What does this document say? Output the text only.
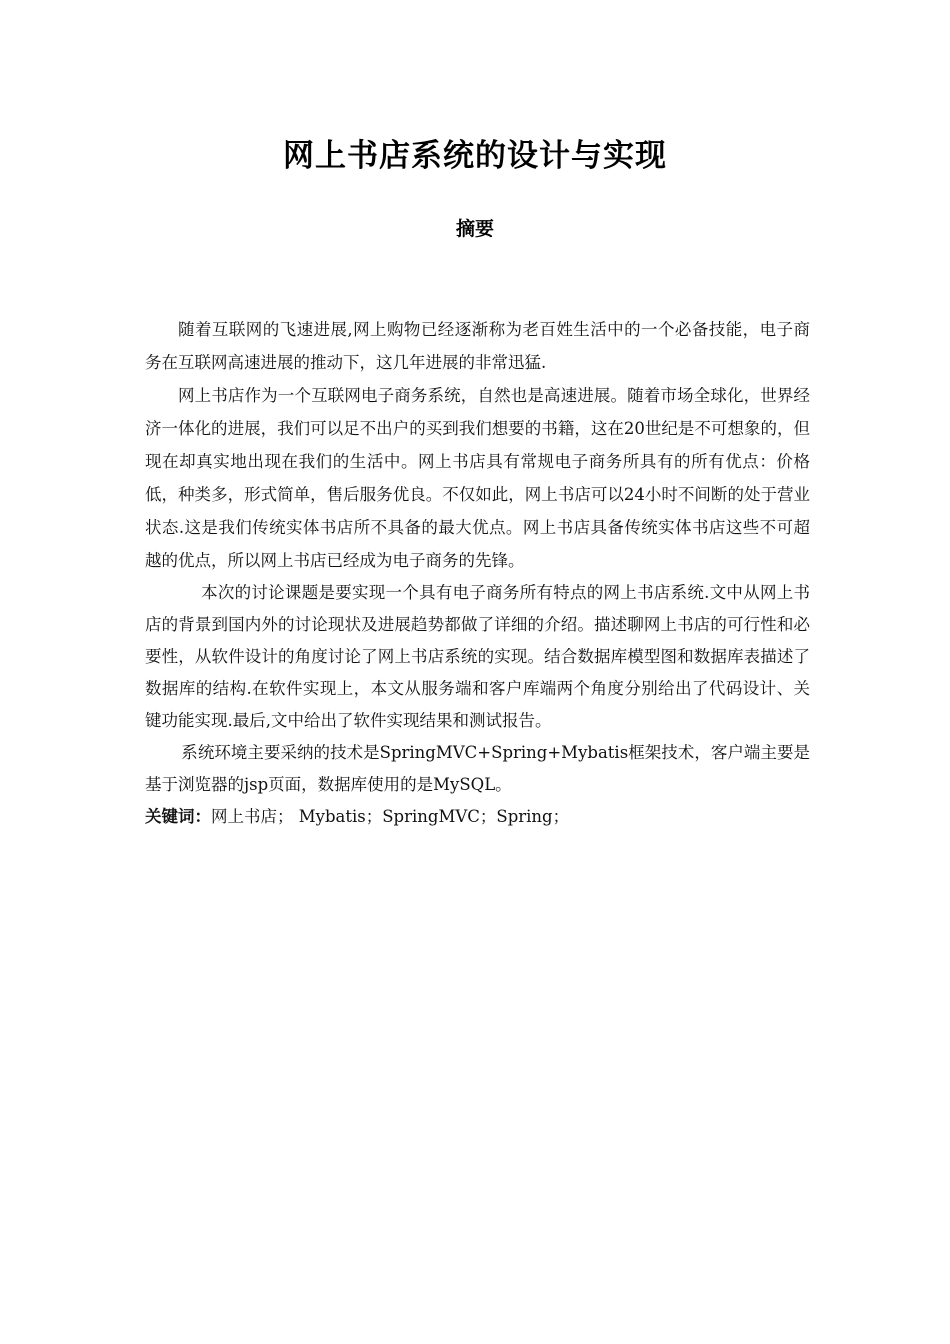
网上书店系统的设计与实现
摘要

随着互联网的飞速进展,网上购物已经逐渐称为老百姓生活中的一个必备技能，电子商务在互联网高速进展的推动下，这几年进展的非常迅猛.

网上书店作为一个互联网电子商务系统，自然也是高速进展。随着市场全球化，世界经济一体化的进展，我们可以足不出户的买到我们想要的书籍，这在20世纪是不可想象的，但现在却真实地出现在我们的生活中。网上书店具有常规电子商务所具有的所有优点：价格低，种类多，形式简单，售后服务优良。不仅如此，网上书店可以24小时不间断的处于营业状态.这是我们传统实体书店所不具备的最大优点。网上书店具备传统实体书店这些不可超越的优点，所以网上书店已经成为电子商务的先锋。

本次的讨论课题是要实现一个具有电子商务所有特点的网上书店系统.文中从网上书店的背景到国内外的讨论现状及进展趋势都做了详细的介绍。描述聊网上书店的可行性和必要性，从软件设计的角度讨论了网上书店系统的实现。结合数据库模型图和数据库表描述了数据库的结构.在软件实现上，本文从服务端和客户库端两个角度分别给出了代码设计、关键功能实现.最后,文中给出了软件实现结果和测试报告。

系统环境主要采纳的技术是SpringMVC+Spring+Mybatis框架技术，客户端主要是基于浏览器的jsp页面，数据库使用的是MySQL。

关键词：网上书店； Mybatis；SpringMVC；Spring；
